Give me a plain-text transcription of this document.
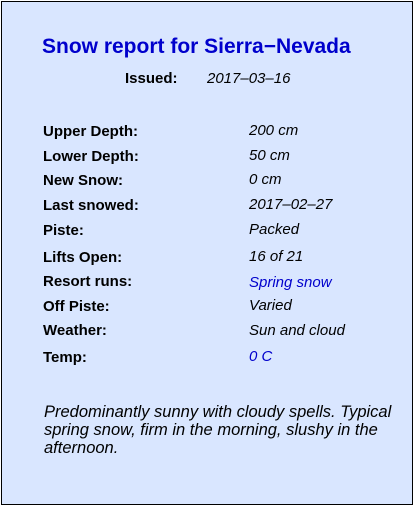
Snow report for Sierra−Nevada
Issued: 2017–03–16
Upper Depth:	200 cm
Lower Depth:	50 cm
New Snow:	0 cm
Last snowed:	2017–02–27
Piste:	Packed
Lifts Open:	16 of 21
Resort runs:	Spring snow
Off Piste:	Varied
Weather:	Sun and cloud
Temp:	0 C
Predominantly sunny with cloudy spells. Typical spring snow, firm in the morning, slushy in the afternoon.
